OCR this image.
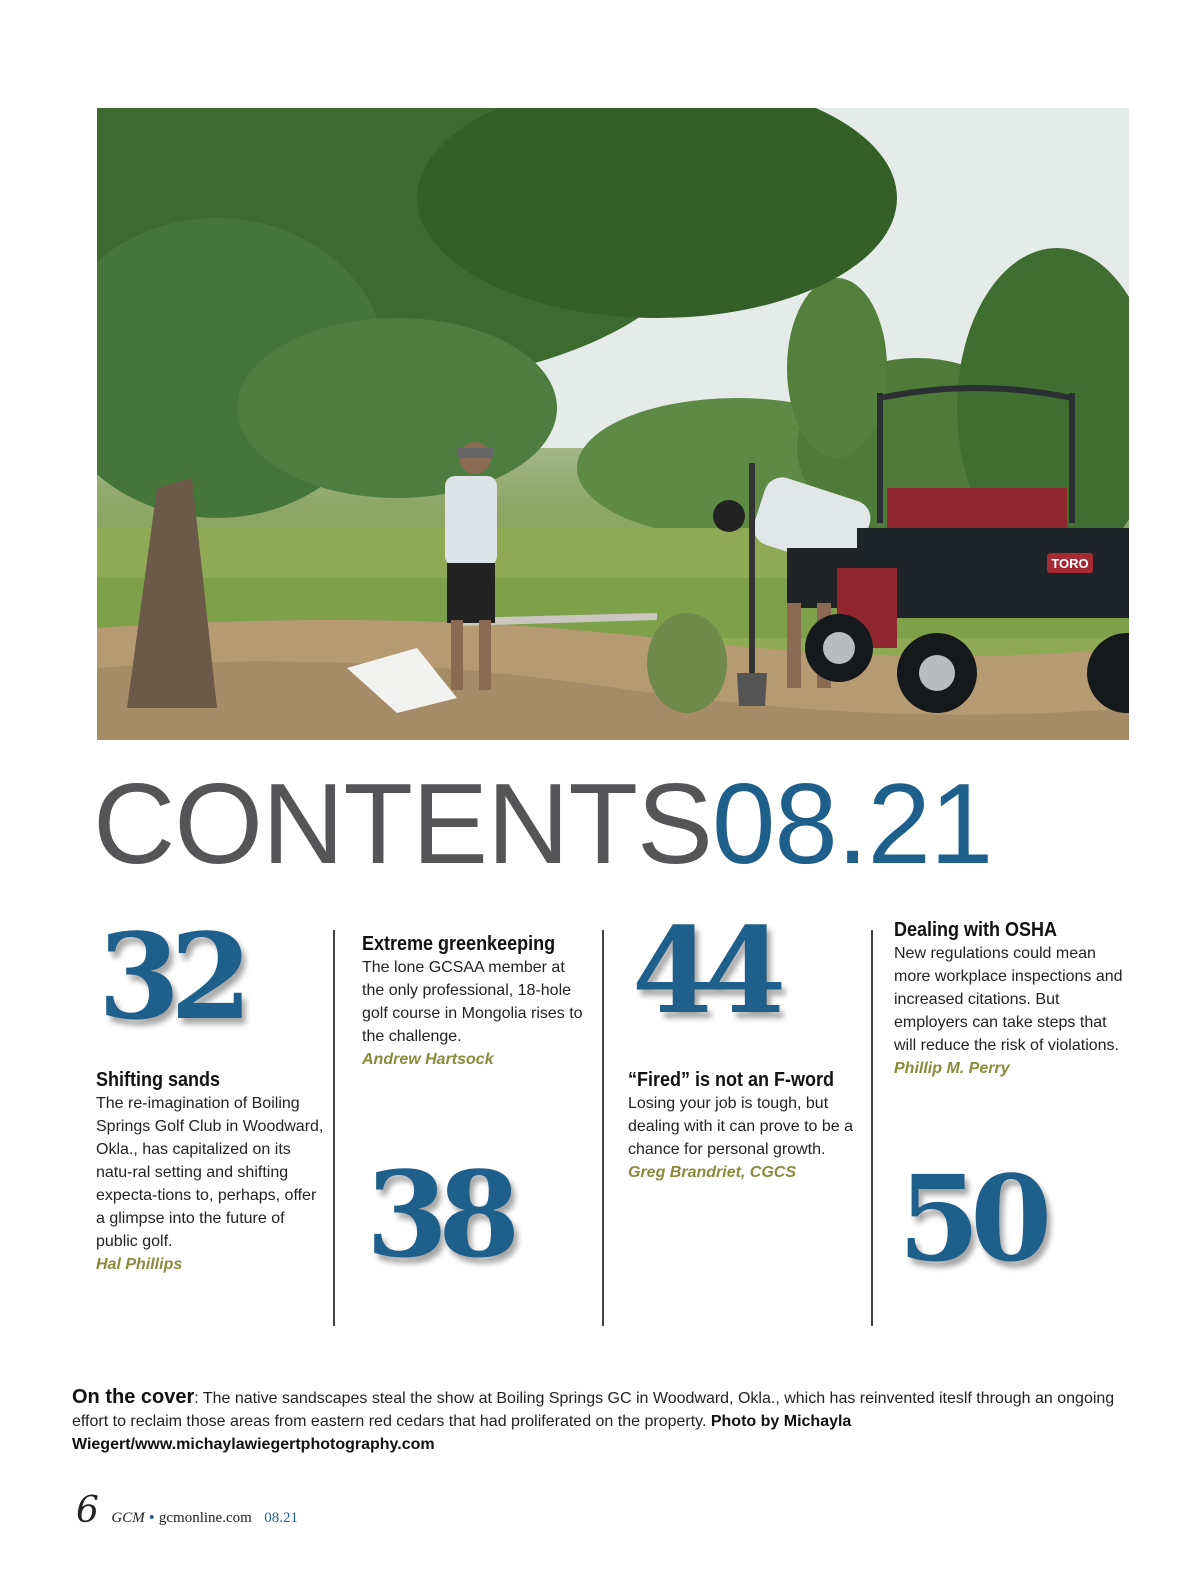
TORO
CONTENTS08.21
32
Shifting sands
The re-imagination of Boiling Springs Golf Club in Woodward, Okla., has capitalized on its natu-ral setting and shifting expecta-tions to, perhaps, offer a glimpse into the future of public golf.
Hal Phillips
Extreme greenkeeping
The lone GCSAA member at the only professional, 18-hole golf course in Mongolia rises to the challenge.
Andrew Hartsock
38
44
“Fired” is not an F-word
Losing your job is tough, but dealing with it can prove to be a chance for personal growth.
Greg Brandriet, CGCS
Dealing with OSHA
New regulations could mean more workplace inspections and increased citations. But employers can take steps that will reduce the risk of violations.
Phillip M. Perry
50
On the cover: The native sandscapes steal the show at Boiling Springs GC in Woodward, Okla., which has reinvented iteslf through an ongoing effort to reclaim those areas from eastern red cedars that had proliferated on the property. Photo by Michayla Wiegert/www.michaylawiegertphotography.com
6 GCM • gcmonline.com 08.21
